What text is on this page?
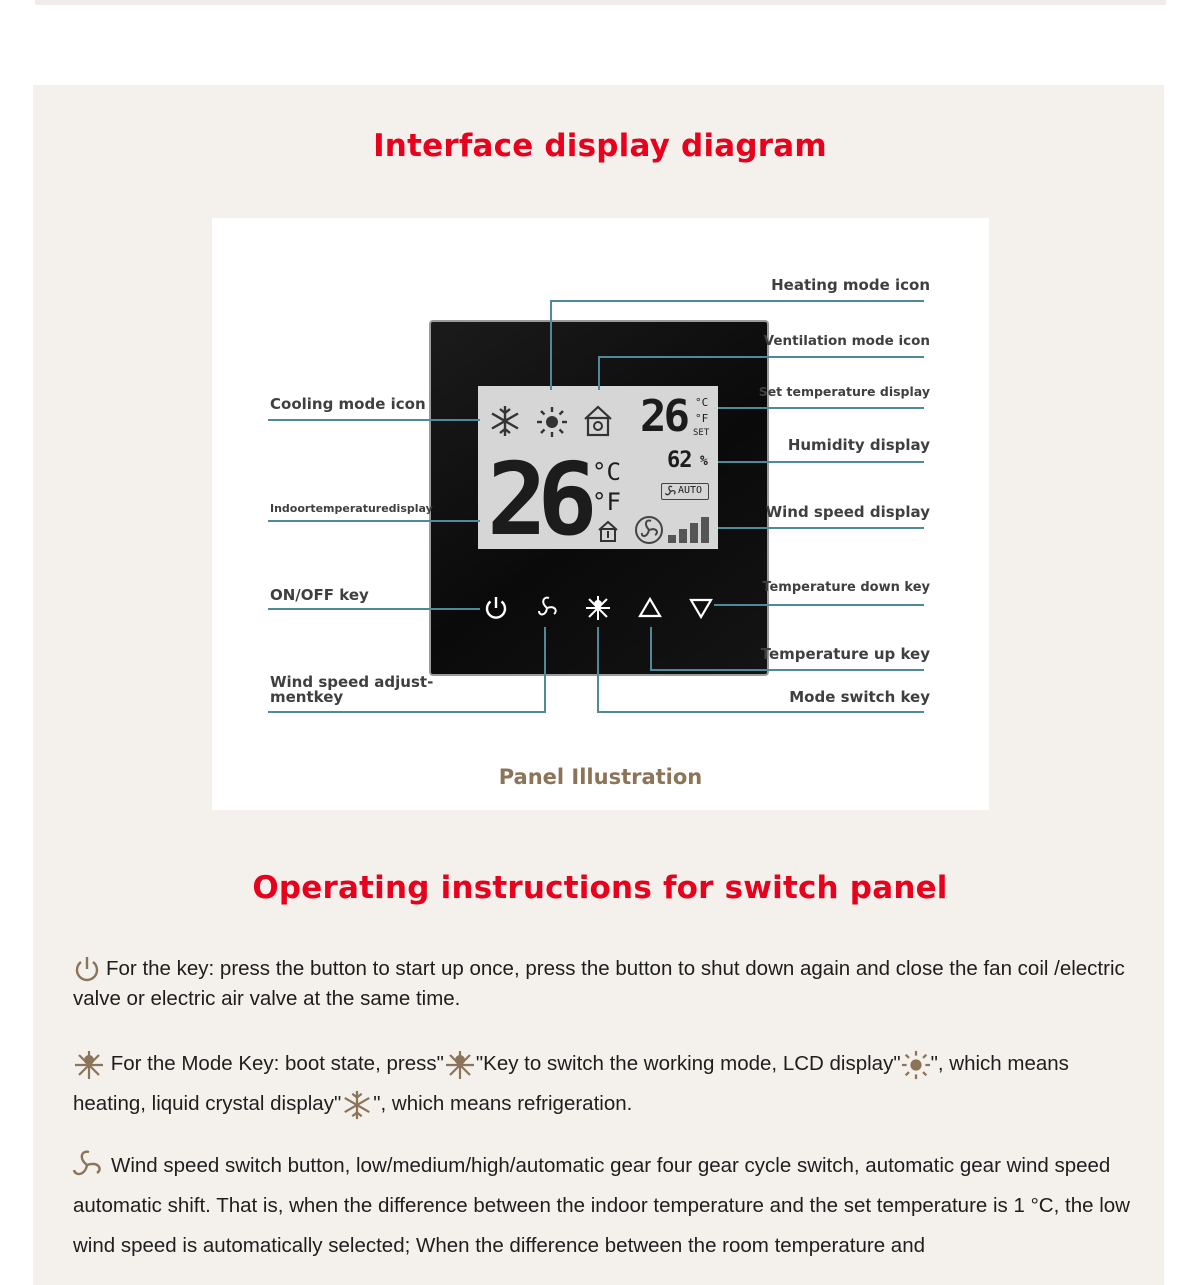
Interface display diagram
26 °C
°F
SET
62 %
26 °C
°F	AUTO
Heating mode icon
Ventilation mode icon
Set temperature display
Humidity display
Wind speed display
Temperature down key
Temperature up key
Mode switch key
Cooling mode icon
Indoortemperaturedisplay
ON/OFF key
Wind speed adjust-
mentkey
Panel Illustration
Operating instructions for switch panel
For the key: press the button to start up once, press the button to shut down again and close the fan coil /electric valve or electric air valve at the same time.
For the Mode Key: boot state, press" "Key to switch the working mode, LCD display" ", which means heating, liquid crystal display" ", which means refrigeration.
Wind speed switch button, low/medium/high/automatic gear four gear cycle switch, automatic gear wind speed automatic shift. That is, when the difference between the indoor temperature and the set temperature is 1 °C, the low wind speed is automatically selected; When the difference between the room temperature and
